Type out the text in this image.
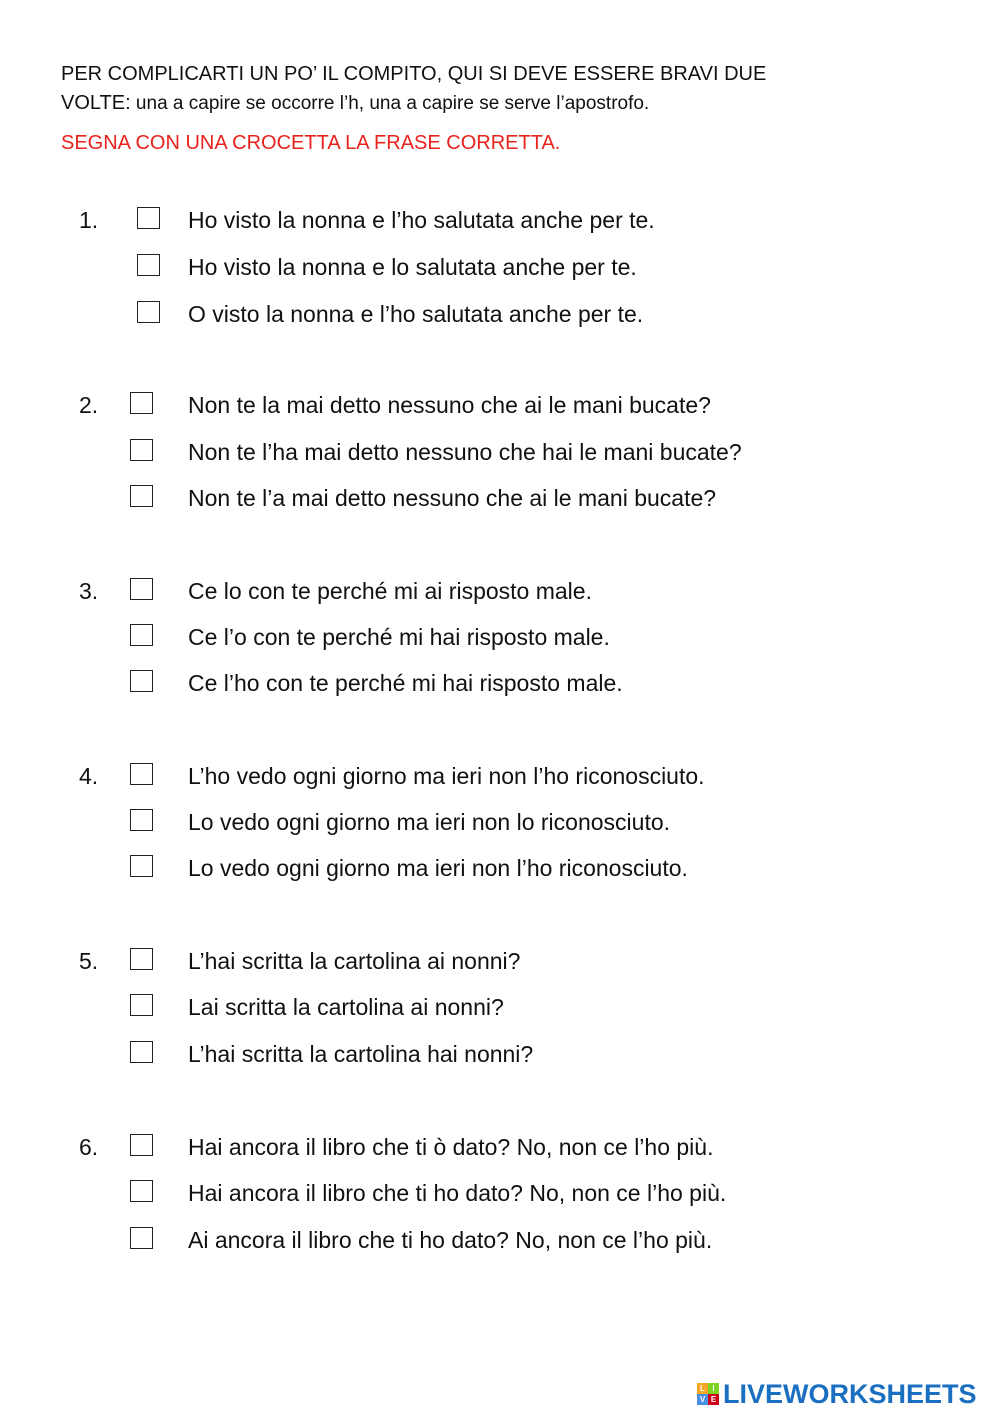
PER COMPLICARTI UN PO’ IL COMPITO, QUI SI DEVE ESSERE BRAVI DUE
VOLTE: una a capire se occorre l’h, una a capire se serve l’apostrofo.
SEGNA CON UNA CROCETTA LA FRASE CORRETTA.
1.	Ho visto la nonna e l’ho salutata anche per te.
Ho visto la nonna e lo salutata anche per te.
O visto la nonna e l’ho salutata anche per te.
2.	Non te la mai detto nessuno che ai le mani bucate?
Non te l’ha mai detto nessuno che hai le mani bucate?
Non te l’a mai detto nessuno che ai le mani bucate?
3.	Ce lo con te perché mi ai risposto male.
Ce l’o con te perché mi hai risposto male.
Ce l’ho con te perché mi hai risposto male.
4.	L’ho vedo ogni giorno ma ieri non l’ho riconosciuto.
Lo vedo ogni giorno ma ieri non lo riconosciuto.
Lo vedo ogni giorno ma ieri non l’ho riconosciuto.
5.	L’hai scritta la cartolina ai nonni?
Lai scritta la cartolina ai nonni?
L’hai scritta la cartolina hai nonni?
6.	Hai ancora il libro che ti ò dato? No, non ce l’ho più.
Hai ancora il libro che ti ho dato? No, non ce l’ho più.
Ai ancora il libro che ti ho dato? No, non ce l’ho più.
L I
V E LIVEWORKSHEETS
